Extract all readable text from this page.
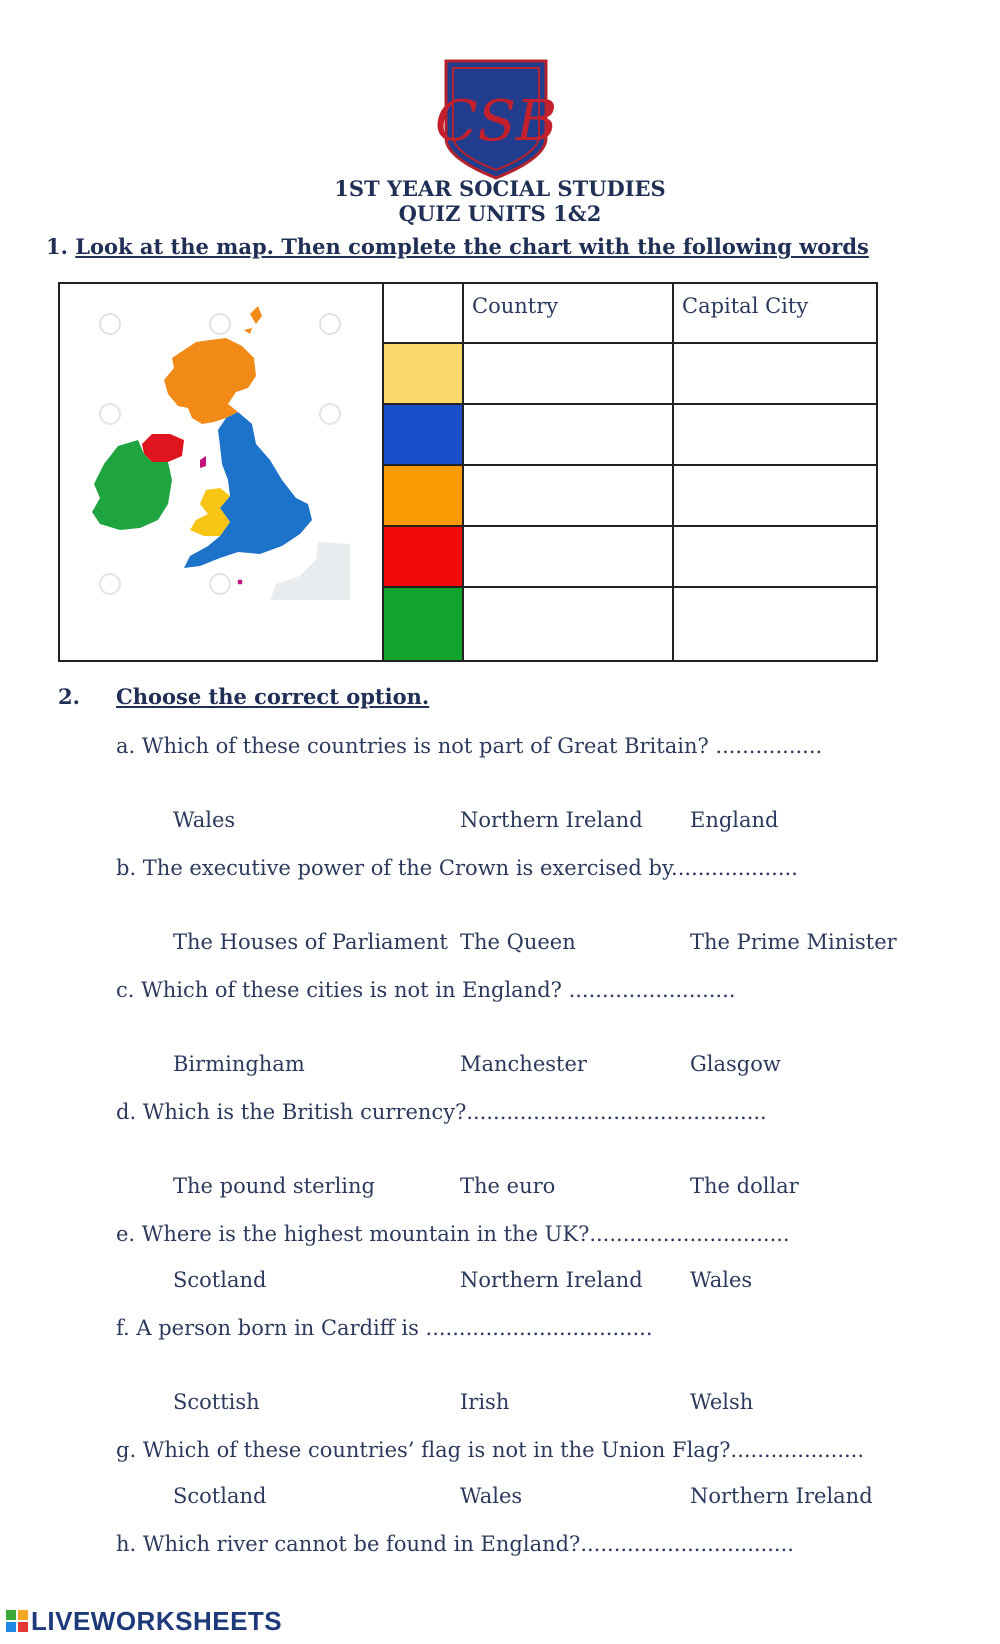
CSB
1ST YEAR SOCIAL STUDIES
QUIZ UNITS 1&2
1. Look at the map. Then complete the chart with the following words
Country	Capital City
2. Choose the correct option.
a. Which of these countries is not part of Great Britain? ................
Wales	Northern Ireland England
b. The executive power of the Crown is exercised by...................
The Houses of Parliament The Queen	The Prime Minister
c. Which of these cities is not in England? .........................
Birmingham	Manchester	Glasgow
d. Which is the British currency?.............................................
The pound sterling	The euro	The dollar
e. Where is the highest mountain in the UK?..............................
Scotland	Northern Ireland Wales
f. A person born in Cardiff is ..................................
Scottish	Irish	Welsh
g. Which of these countries’ flag is not in the Union Flag?....................
Scotland	Wales	Northern Ireland
h. Which river cannot be found in England?................................
LIVEWORKSHEETS
